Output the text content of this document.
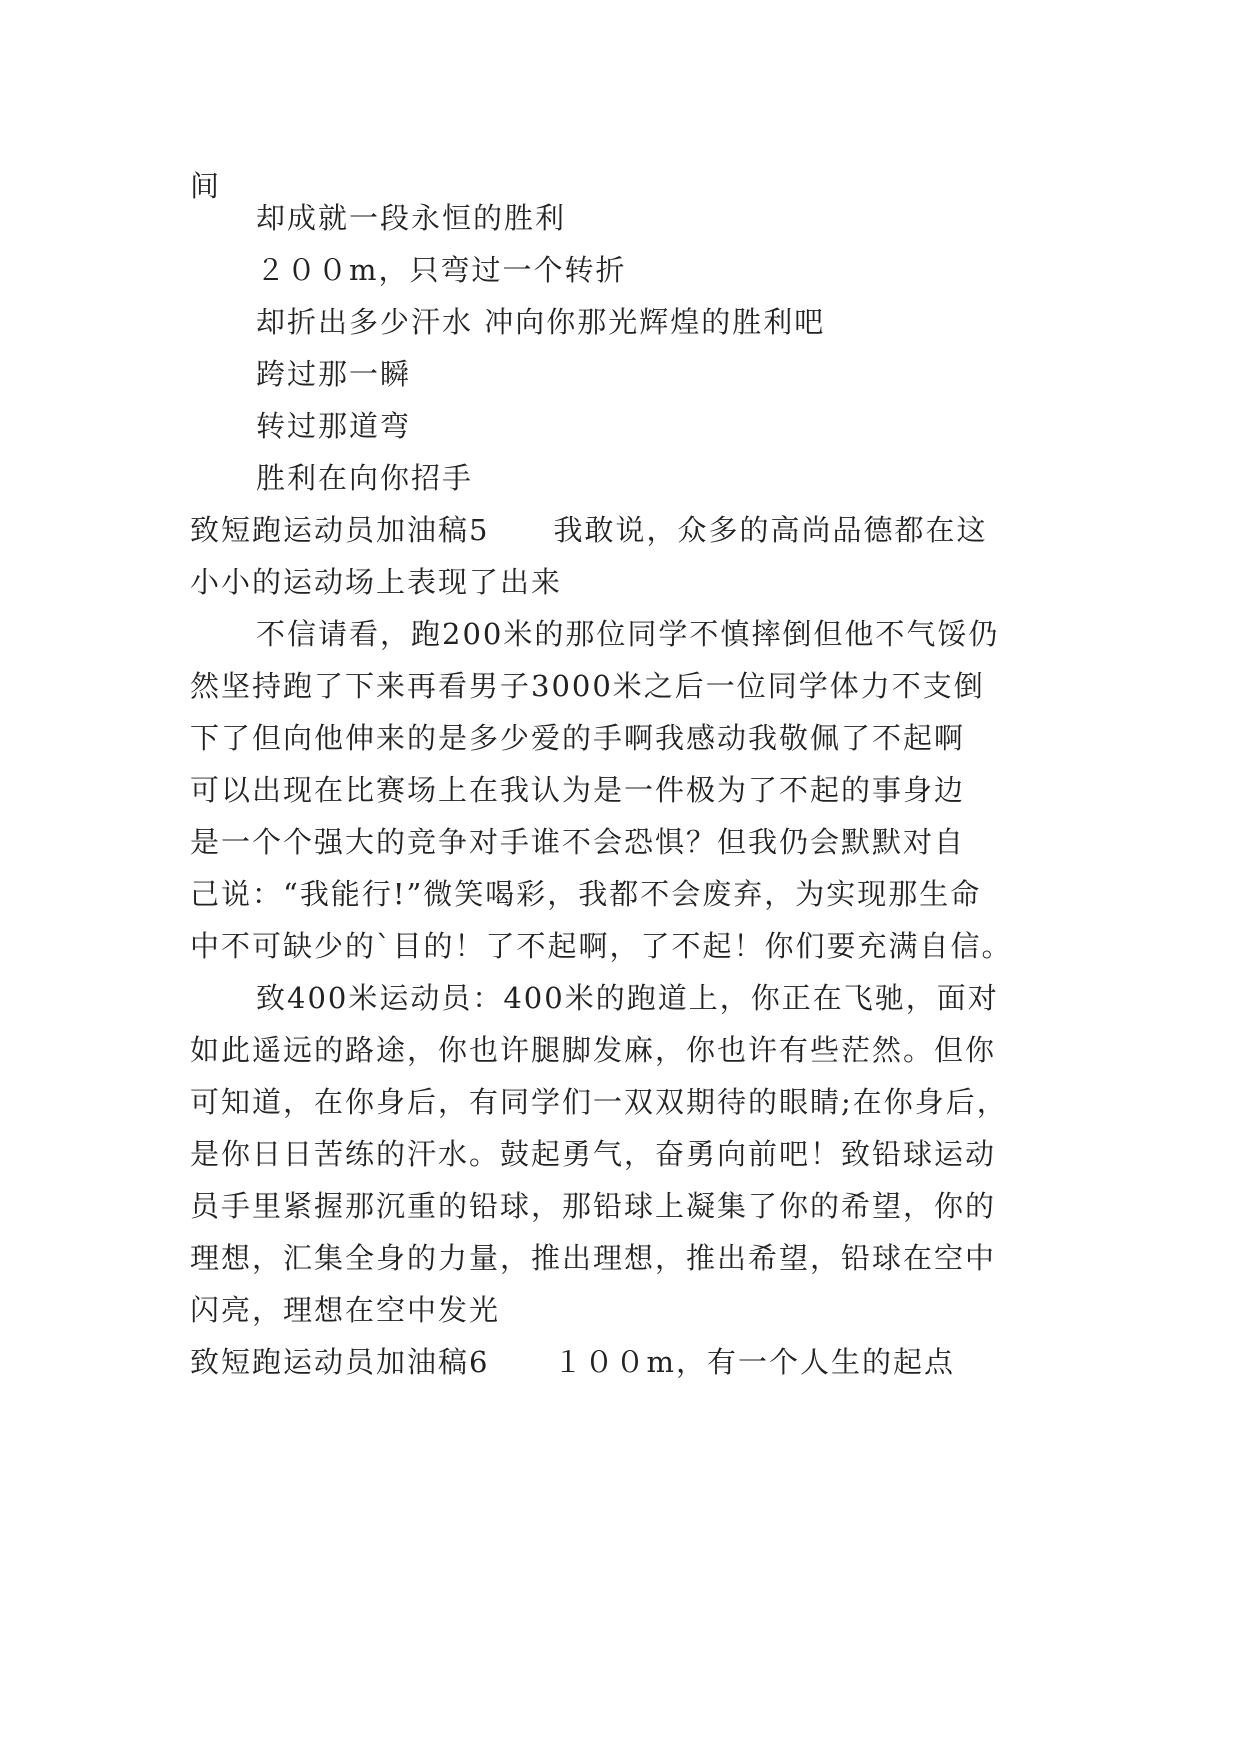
间
却成就一段永恒的胜利
２００m，只弯过一个转折
却折出多少汗水 冲向你那光辉煌的胜利吧
跨过那一瞬
转过那道弯
胜利在向你招手
致短跑运动员加油稿5 我敢说，众多的高尚品德都在这
小小的运动场上表现了出来
不信请看，跑200米的那位同学不慎摔倒但他不气馁仍
然坚持跑了下来再看男子3000米之后一位同学体力不支倒
下了但向他伸来的是多少爱的手啊我感动我敬佩了不起啊
可以出现在比赛场上在我认为是一件极为了不起的事身边
是一个个强大的竞争对手谁不会恐惧？但我仍会默默对自
己说：“我能行!”微笑喝彩，我都不会废弃，为实现那生命
中不可缺少的`目的！了不起啊，了不起！你们要充满自信。
致400米运动员：400米的跑道上，你正在飞驰，面对
如此遥远的路途，你也许腿脚发麻，你也许有些茫然。但你
可知道，在你身后，有同学们一双双期待的眼睛;在你身后，
是你日日苦练的汗水。鼓起勇气，奋勇向前吧！致铅球运动
员手里紧握那沉重的铅球，那铅球上凝集了你的希望，你的
理想，汇集全身的力量，推出理想，推出希望，铅球在空中
闪亮，理想在空中发光
致短跑运动员加油稿6 １００m，有一个人生的起点
